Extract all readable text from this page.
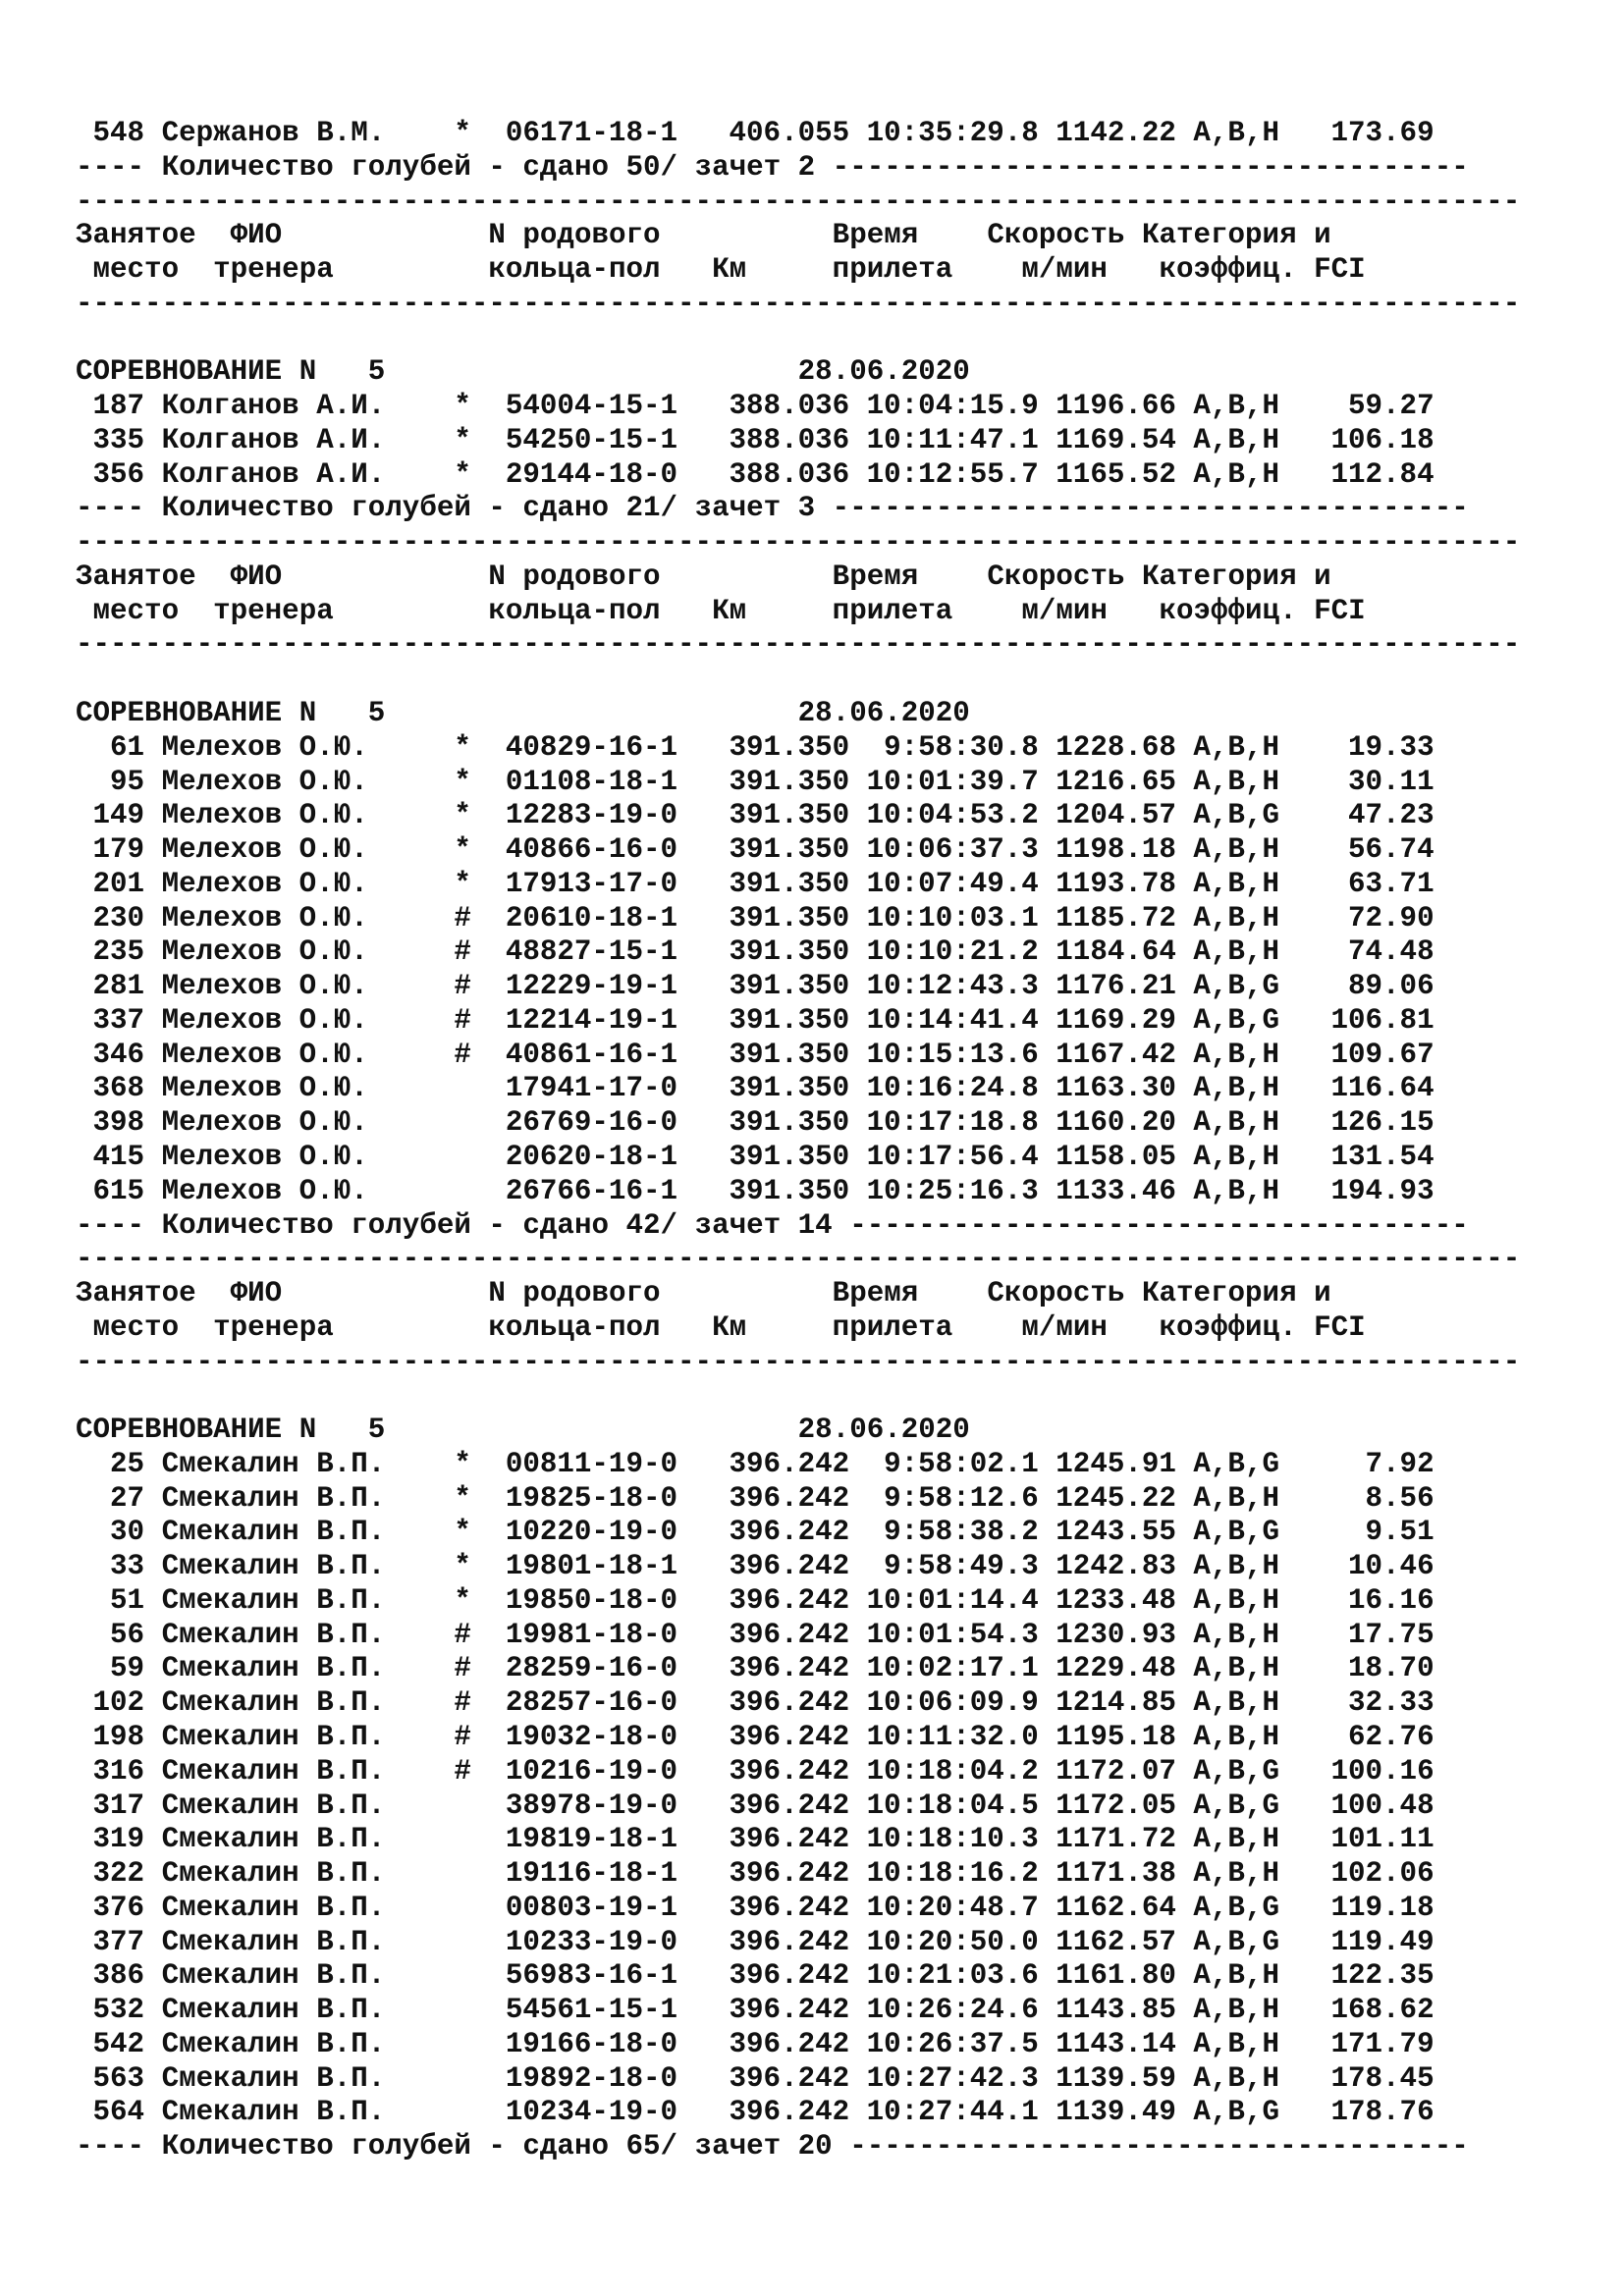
548 Сержанов В.М. * 06171-18-1 406.055 10:35:29.8 1142.22 A,B,H 173.69
---- Количество голубей - сдано 50/ зачет 2 -------------------------------------
------------------------------------------------------------------------------------
Занятое  ФИО            N родового          Время    Скорость Категория и
место  тренера         кольца-пол   Км     прилета    м/мин   коэффиц. FCI
------------------------------------------------------------------------------------
СОРЕВНОВАНИЕ N   5                        28.06.2020
187 Колганов А.И. * 54004-15-1 388.036 10:04:15.9 1196.66 A,B,H 59.27
335 Колганов А.И. * 54250-15-1 388.036 10:11:47.1 1169.54 A,B,H 106.18
356 Колганов А.И. * 29144-18-0 388.036 10:12:55.7 1165.52 A,B,H 112.84
---- Количество голубей - сдано 21/ зачет 3 -------------------------------------
------------------------------------------------------------------------------------
Занятое  ФИО            N родового          Время    Скорость Категория и
место  тренера         кольца-пол   Км     прилета    м/мин   коэффиц. FCI
------------------------------------------------------------------------------------
СОРЕВНОВАНИЕ N   5                        28.06.2020
61 Мелехов О.Ю.	* 40829-16-1 391.350 9:58:30.8 1228.68 A,B,H 19.33
95 Мелехов О.Ю.	* 01108-18-1 391.350 10:01:39.7 1216.65 A,B,H 30.11
149 Мелехов О.Ю.	* 12283-19-0 391.350 10:04:53.2 1204.57 A,B,G 47.23
179 Мелехов О.Ю.	* 40866-16-0 391.350 10:06:37.3 1198.18 A,B,H 56.74
201 Мелехов О.Ю.	* 17913-17-0 391.350 10:07:49.4 1193.78 A,B,H 63.71
230 Мелехов О.Ю.	# 20610-18-1 391.350 10:10:03.1 1185.72 A,B,H 72.90
235 Мелехов О.Ю.	# 48827-15-1 391.350 10:10:21.2 1184.64 A,B,H 74.48
281 Мелехов О.Ю.	# 12229-19-1 391.350 10:12:43.3 1176.21 A,B,G 89.06
337 Мелехов О.Ю.	# 12214-19-1 391.350 10:14:41.4 1169.29 A,B,G 106.81
346 Мелехов О.Ю.	# 40861-16-1 391.350 10:15:13.6 1167.42 A,B,H 109.67
368 Мелехов О.Ю.	17941-17-0 391.350 10:16:24.8 1163.30 A,B,H 116.64
398 Мелехов О.Ю.	26769-16-0 391.350 10:17:18.8 1160.20 A,B,H 126.15
415 Мелехов О.Ю.	20620-18-1 391.350 10:17:56.4 1158.05 A,B,H 131.54
615 Мелехов О.Ю.	26766-16-1 391.350 10:25:16.3 1133.46 A,B,H 194.93
---- Количество голубей - сдано 42/ зачет 14 ------------------------------------
------------------------------------------------------------------------------------
Занятое  ФИО            N родового          Время    Скорость Категория и
место  тренера         кольца-пол   Км     прилета    м/мин   коэффиц. FCI
------------------------------------------------------------------------------------
СОРЕВНОВАНИЕ N   5                        28.06.2020
25 Смекалин В.П. * 00811-19-0 396.242 9:58:02.1 1245.91 A,B,G	7.92
27 Смекалин В.П. * 19825-18-0 396.242 9:58:12.6 1245.22 A,B,H	8.56
30 Смекалин В.П. * 10220-19-0 396.242 9:58:38.2 1243.55 A,B,G	9.51
33 Смекалин В.П. * 19801-18-1 396.242 9:58:49.3 1242.83 A,B,H 10.46
51 Смекалин В.П. * 19850-18-0 396.242 10:01:14.4 1233.48 A,B,H 16.16
56 Смекалин В.П. # 19981-18-0 396.242 10:01:54.3 1230.93 A,B,H 17.75
59 Смекалин В.П. # 28259-16-0 396.242 10:02:17.1 1229.48 A,B,H 18.70
102 Смекалин В.П. # 28257-16-0 396.242 10:06:09.9 1214.85 A,B,H 32.33
198 Смекалин В.П. # 19032-18-0 396.242 10:11:32.0 1195.18 A,B,H 62.76
316 Смекалин В.П. # 10216-19-0 396.242 10:18:04.2 1172.07 A,B,G 100.16
317 Смекалин В.П.	38978-19-0 396.242 10:18:04.5 1172.05 A,B,G 100.48
319 Смекалин В.П.	19819-18-1 396.242 10:18:10.3 1171.72 A,B,H 101.11
322 Смекалин В.П.	19116-18-1 396.242 10:18:16.2 1171.38 A,B,H 102.06
376 Смекалин В.П.	00803-19-1 396.242 10:20:48.7 1162.64 A,B,G 119.18
377 Смекалин В.П.	10233-19-0 396.242 10:20:50.0 1162.57 A,B,G 119.49
386 Смекалин В.П.	56983-16-1 396.242 10:21:03.6 1161.80 A,B,H 122.35
532 Смекалин В.П.	54561-15-1 396.242 10:26:24.6 1143.85 A,B,H 168.62
542 Смекалин В.П.	19166-18-0 396.242 10:26:37.5 1143.14 A,B,H 171.79
563 Смекалин В.П.	19892-18-0 396.242 10:27:42.3 1139.59 A,B,H 178.45
564 Смекалин В.П.	10234-19-0 396.242 10:27:44.1 1139.49 A,B,G 178.76
---- Количество голубей - сдано 65/ зачет 20 ------------------------------------
